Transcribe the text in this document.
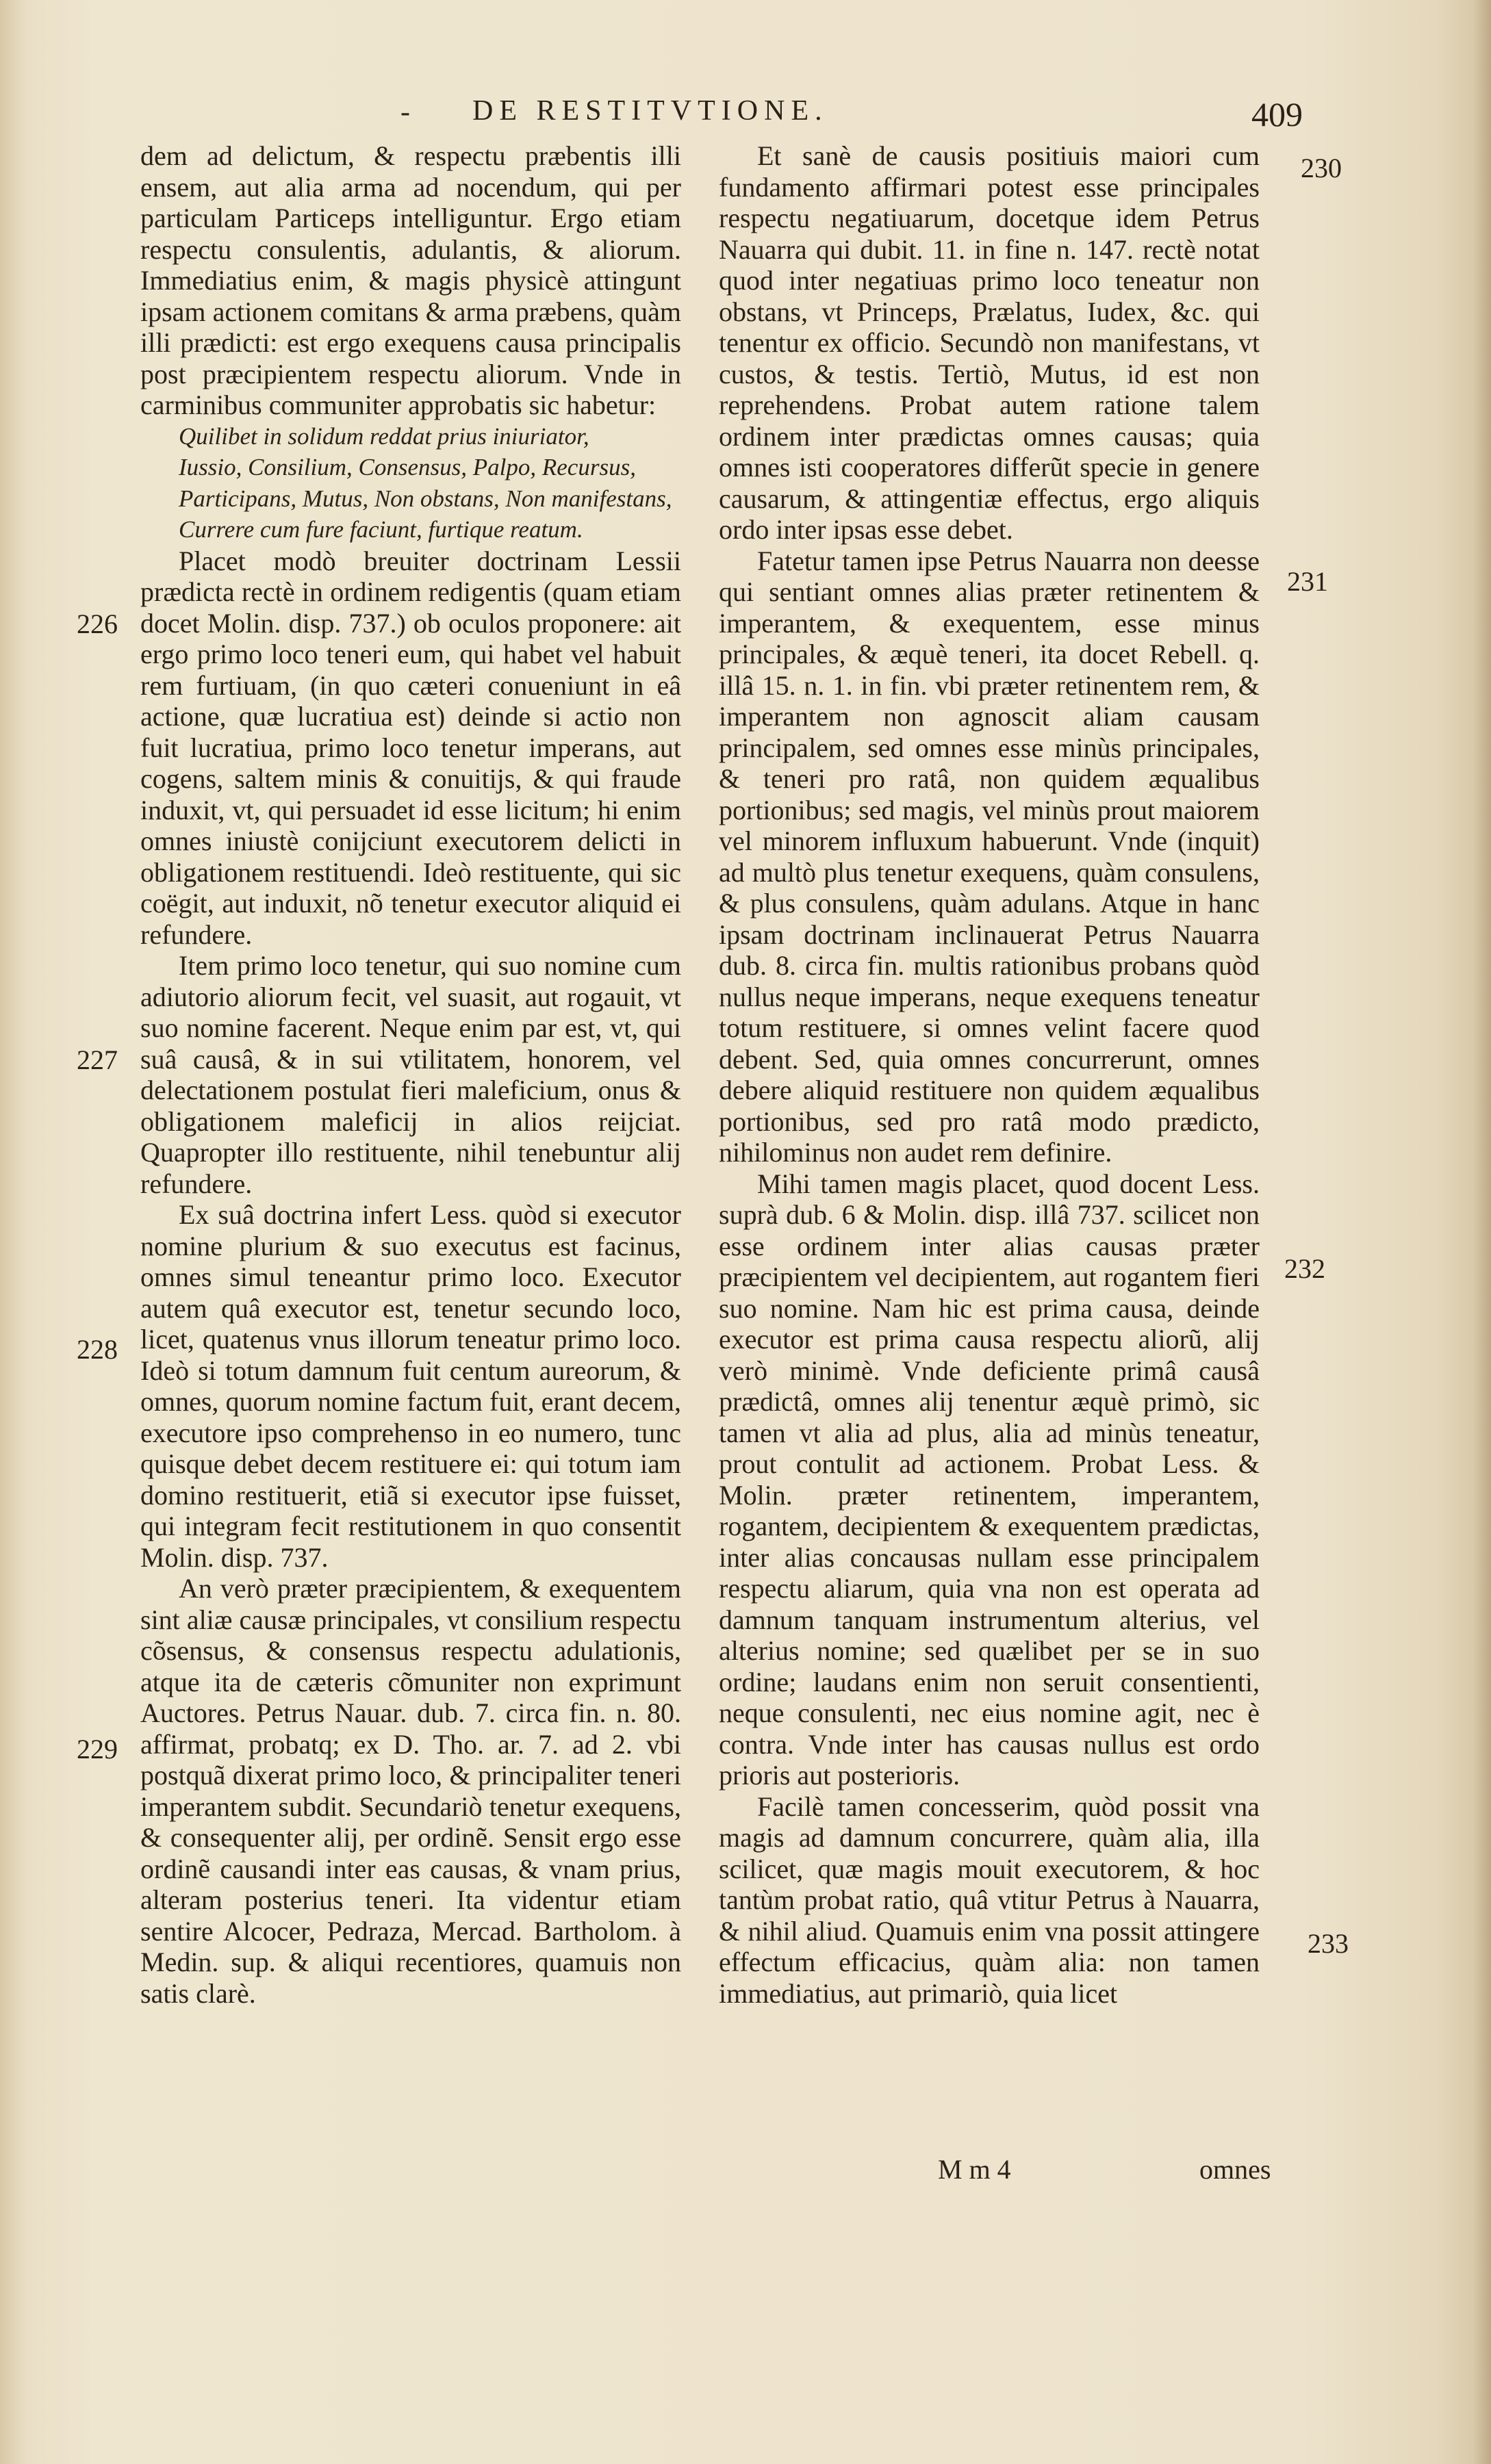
- DE RESTITVTIONE.	409

dem ad delictum, & respectu præbentis illi ensem, aut alia arma ad nocendum, qui per particulam Particeps intelliguntur. Ergo etiam respectu consulentis, adulantis, & aliorum. Immediatius enim, & magis physicè attingunt ipsam actionem comitans & arma præbens, quàm illi prædicti: est ergo exequens causa principalis post præcipientem respectu aliorum. Vnde in carminibus communiter approbatis sic habetur:

Quilibet in solidum reddat prius iniuriator,
Iussio, Consilium, Consensus, Palpo, Recursus,
Participans, Mutus, Non obstans, Non manifestans,
Currere cum fure faciunt, furtique reatum.

Placet modò breuiter doctrinam Lessii prædicta rectè in ordinem redigentis (quam etiam docet Molin. disp. 737.) ob oculos proponere: ait ergo primo loco teneri eum, qui habet vel habuit rem furtiuam, (in quo cæteri conueniunt in eâ actione, quæ lucratiua est) deinde si actio non fuit lucratiua, primo loco tenetur imperans, aut cogens, saltem minis & conuitijs, & qui fraude induxit, vt, qui persuadet id esse licitum; hi enim omnes iniustè conijciunt executorem delicti in obligationem restituendi. Ideò restituente, qui sic coëgit, aut induxit, nõ tenetur executor aliquid ei refundere.

Item primo loco tenetur, qui suo nomine cum adiutorio aliorum fecit, vel suasit, aut rogauit, vt suo nomine facerent. Neque enim par est, vt, qui suâ causâ, & in sui vtilitatem, honorem, vel delectationem postulat fieri maleficium, onus & obligationem maleficij in alios reijciat. Quapropter illo restituente, nihil tenebuntur alij refundere.

Ex suâ doctrina infert Less. quòd si executor nomine plurium & suo executus est facinus, omnes simul teneantur primo loco. Executor autem quâ executor est, tenetur secundo loco, licet, quatenus vnus illorum teneatur primo loco. Ideò si totum damnum fuit centum aureorum, & omnes, quorum nomine factum fuit, erant decem, executore ipso comprehenso in eo numero, tunc quisque debet decem restituere ei: qui totum iam domino restituerit, etiã si executor ipse fuisset, qui integram fecit restitutionem in quo consentit Molin. disp. 737.

An verò præter præcipientem, & exequentem sint aliæ causæ principales, vt consilium respectu cõsensus, & consensus respectu adulationis, atque ita de cæteris cõmuniter non exprimunt Auctores. Petrus Nauar. dub. 7. circa fin. n. 80. affirmat, probatq; ex D. Tho. ar. 7. ad 2. vbi postquã dixerat primo loco, & principaliter teneri imperantem subdit. Secundariò tenetur exequens, & consequenter alij, per ordinẽ. Sensit ergo esse ordinẽ causandi inter eas causas, & vnam prius, alteram posterius teneri. Ita videntur etiam sentire Alcocer, Pedraza, Mercad. Bartholom. à Medin. sup. & aliqui recentiores, quamuis non satis clarè.

Et sanè de causis positiuis maiori cum fundamento affirmari potest esse principales respectu negatiuarum, docetque idem Petrus Nauarra qui dubit. 11. in fine n. 147. rectè notat quod inter negatiuas primo loco teneatur non obstans, vt Princeps, Prælatus, Iudex, &c. qui tenentur ex officio. Secundò non manifestans, vt custos, & testis. Tertiò, Mutus, id est non reprehendens. Probat autem ratione talem ordinem inter prædictas omnes causas; quia omnes isti cooperatores differũt specie in genere causarum, & attingentiæ effectus, ergo aliquis ordo inter ipsas esse debet.

Fatetur tamen ipse Petrus Nauarra non deesse qui sentiant omnes alias præter retinentem & imperantem, & exequentem, esse minus principales, & æquè teneri, ita docet Rebell. q. illâ 15. n. 1. in fin. vbi præter retinentem rem, & imperantem non agnoscit aliam causam principalem, sed omnes esse minùs principales, & teneri pro ratâ, non quidem æqualibus portionibus; sed magis, vel minùs prout maiorem vel minorem influxum habuerunt. Vnde (inquit) ad multò plus tenetur exequens, quàm consulens, & plus consulens, quàm adulans. Atque in hanc ipsam doctrinam inclinauerat Petrus Nauarra dub. 8. circa fin. multis rationibus probans quòd nullus neque imperans, neque exequens teneatur totum restituere, si omnes velint facere quod debent. Sed, quia omnes concurrerunt, omnes debere aliquid restituere non quidem æqualibus portionibus, sed pro ratâ modo prædicto, nihilominus non audet rem definire.

Mihi tamen magis placet, quod docent Less. suprà dub. 6 & Molin. disp. illâ 737. scilicet non esse ordinem inter alias causas præter præcipientem vel decipientem, aut rogantem fieri suo nomine. Nam hic est prima causa, deinde executor est prima causa respectu aliorũ, alij verò minimè. Vnde deficiente primâ causâ prædictâ, omnes alij tenentur æquè primò, sic tamen vt alia ad plus, alia ad minùs teneatur, prout contulit ad actionem. Probat Less. & Molin. præter retinentem, imperantem, rogantem, decipientem & exequentem prædictas, inter alias concausas nullam esse principalem respectu aliarum, quia vna non est operata ad damnum tanquam instrumentum alterius, vel alterius nomine; sed quælibet per se in suo ordine; laudans enim non seruit consentienti, neque consulenti, nec eius nomine agit, nec è contra. Vnde inter has causas nullus est ordo prioris aut posterioris.

Facilè tamen concesserim, quòd possit vna magis ad damnum concurrere, quàm alia, illa scilicet, quæ magis mouit executorem, & hoc tantùm probat ratio, quâ vtitur Petrus à Nauarra, & nihil aliud. Quamuis enim vna possit attingere effectum efficacius, quàm alia: non tamen immediatius, aut primariò, quia licet

226
227
228
229
230
231
232
233
M m 4	omnes
